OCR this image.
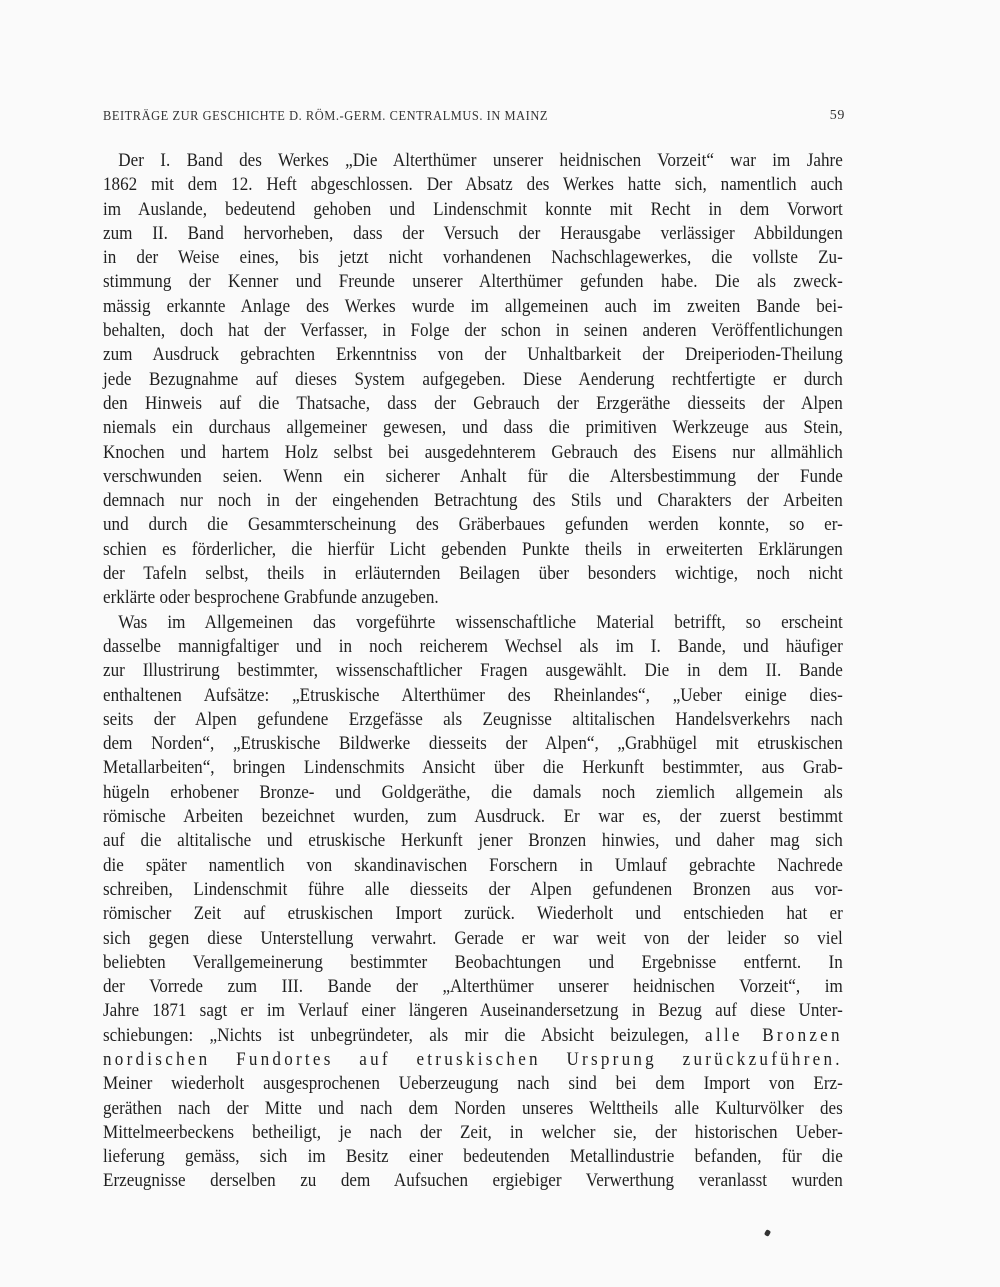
BEITRÄGE ZUR GESCHICHTE D. RÖM.-GERM. CENTRALMUS. IN MAINZ	59
Der I. Band des Werkes „Die Alterthümer unserer heidnischen Vorzeit“ war im Jahre
1862 mit dem 12. Heft abgeschlossen. Der Absatz des Werkes hatte sich, namentlich auch
im Auslande, bedeutend gehoben und Lindenschmit konnte mit Recht in dem Vorwort
zum II. Band hervorheben, dass der Versuch der Herausgabe verlässiger Abbildungen
in der Weise eines, bis jetzt nicht vorhandenen Nachschlagewerkes, die vollste Zu-
stimmung der Kenner und Freunde unserer Alterthümer gefunden habe. Die als zweck-
mässig erkannte Anlage des Werkes wurde im allgemeinen auch im zweiten Bande bei-
behalten, doch hat der Verfasser, in Folge der schon in seinen anderen Veröffentlichungen
zum Ausdruck gebrachten Erkenntniss von der Unhaltbarkeit der Dreiperioden-Theilung
jede Bezugnahme auf dieses System aufgegeben. Diese Aenderung rechtfertigte er durch
den Hinweis auf die Thatsache, dass der Gebrauch der Erzgeräthe diesseits der Alpen
niemals ein durchaus allgemeiner gewesen, und dass die primitiven Werkzeuge aus Stein,
Knochen und hartem Holz selbst bei ausgedehnterem Gebrauch des Eisens nur allmählich
verschwunden seien. Wenn ein sicherer Anhalt für die Altersbestimmung der Funde
demnach nur noch in der eingehenden Betrachtung des Stils und Charakters der Arbeiten
und durch die Gesammterscheinung des Gräberbaues gefunden werden konnte, so er-
schien es förderlicher, die hierfür Licht gebenden Punkte theils in erweiterten Erklärungen
der Tafeln selbst, theils in erläuternden Beilagen über besonders wichtige, noch nicht
erklärte oder besprochene Grabfunde anzugeben.
Was im Allgemeinen das vorgeführte wissenschaftliche Material betrifft, so erscheint
dasselbe mannigfaltiger und in noch reicherem Wechsel als im I. Bande, und häufiger
zur Illustrirung bestimmter, wissenschaftlicher Fragen ausgewählt. Die in dem II. Bande
enthaltenen Aufsätze: „Etruskische Alterthümer des Rheinlandes“, „Ueber einige dies-
seits der Alpen gefundene Erzgefässe als Zeugnisse altitalischen Handelsverkehrs nach
dem Norden“, „Etruskische Bildwerke diesseits der Alpen“, „Grabhügel mit etruskischen
Metallarbeiten“, bringen Lindenschmits Ansicht über die Herkunft bestimmter, aus Grab-
hügeln erhobener Bronze- und Goldgeräthe, die damals noch ziemlich allgemein als
römische Arbeiten bezeichnet wurden, zum Ausdruck. Er war es, der zuerst bestimmt
auf die altitalische und etruskische Herkunft jener Bronzen hinwies, und daher mag sich
die später namentlich von skandinavischen Forschern in Umlauf gebrachte Nachrede
schreiben, Lindenschmit führe alle diesseits der Alpen gefundenen Bronzen aus vor-
römischer Zeit auf etruskischen Import zurück. Wiederholt und entschieden hat er
sich gegen diese Unterstellung verwahrt. Gerade er war weit von der leider so viel
beliebten Verallgemeinerung bestimmter Beobachtungen und Ergebnisse entfernt. In
der Vorrede zum III. Bande der „Alterthümer unserer heidnischen Vorzeit“, im
Jahre 1871 sagt er im Verlauf einer längeren Auseinandersetzung in Bezug auf diese Unter-
schiebungen: „Nichts ist unbegründeter, als mir die Absicht beizulegen, alle Bronzen
nordischen Fundortes auf etruskischen Ursprung zurückzuführen.
Meiner wiederholt ausgesprochenen Ueberzeugung nach sind bei dem Import von Erz-
geräthen nach der Mitte und nach dem Norden unseres Welttheils alle Kulturvölker des
Mittelmeerbeckens betheiligt, je nach der Zeit, in welcher sie, der historischen Ueber-
lieferung gemäss, sich im Besitz einer bedeutenden Metallindustrie befanden, für die
Erzeugnisse derselben zu dem Aufsuchen ergiebiger Verwerthung veranlasst wurden
